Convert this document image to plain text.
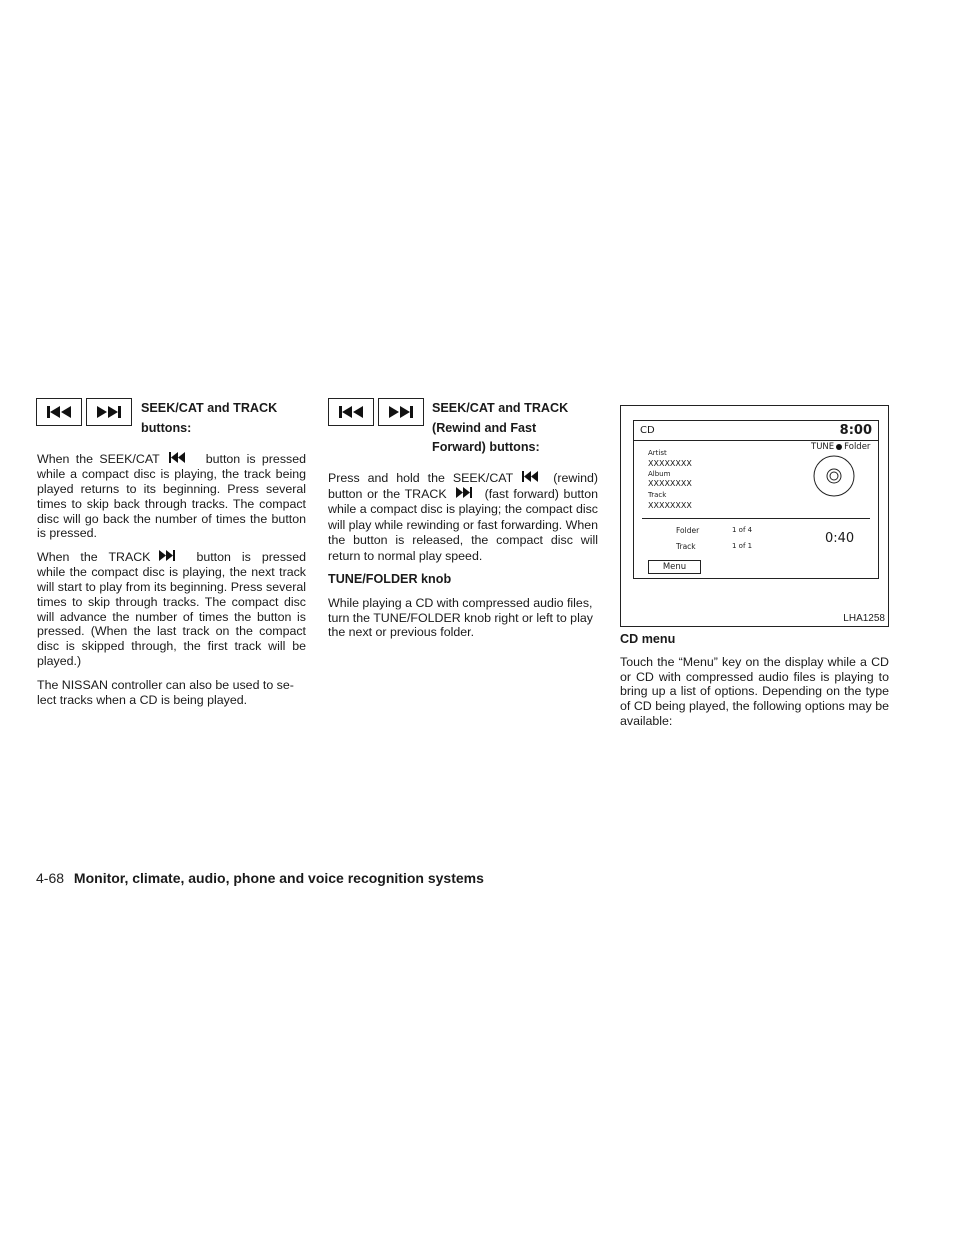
SEEK/CAT and TRACK
buttons:

When the SEEK/CAT	button is pressed while a compact disc is playing, the track being played returns to its beginning. Press several times to skip back through tracks. The compact disc will go back the number of times the button is pressed.

When the TRACK	button is pressed while the compact disc is playing, the next track will start to play from its beginning. Press several times to skip through tracks. The compact disc will advance the number of times the button is pressed. (When the last track on the compact disc is skipped through, the first track will be played.)

The NISSAN controller can also be used to se-lect tracks when a CD is being played.

SEEK/CAT and TRACK
(Rewind and Fast
Forward) buttons:

Press and hold the SEEK/CAT	(rewind) button or the TRACK	(fast forward) button while a compact disc is playing; the compact disc will play while rewinding or fast forwarding. When the button is released, the compact disc will return to normal play speed.

TUNE/FOLDER knob

While playing a CD with compressed audio files, turn the TUNE/FOLDER knob right or left to play the next or previous folder.

CD	8:00
TUNE Folder
Artist
XXXXXXXX
Album
XXXXXXXX
Track
XXXXXXXX
Folder	1 of 4
Track	1 of 1	0:40
Menu
LHA1258
CD menu

Touch the “Menu” key on the display while a CD or CD with compressed audio files is playing to bring up a list of options. Depending on the type of CD being played, the following options may be available:

4-68 Monitor, climate, audio, phone and voice recognition systems
